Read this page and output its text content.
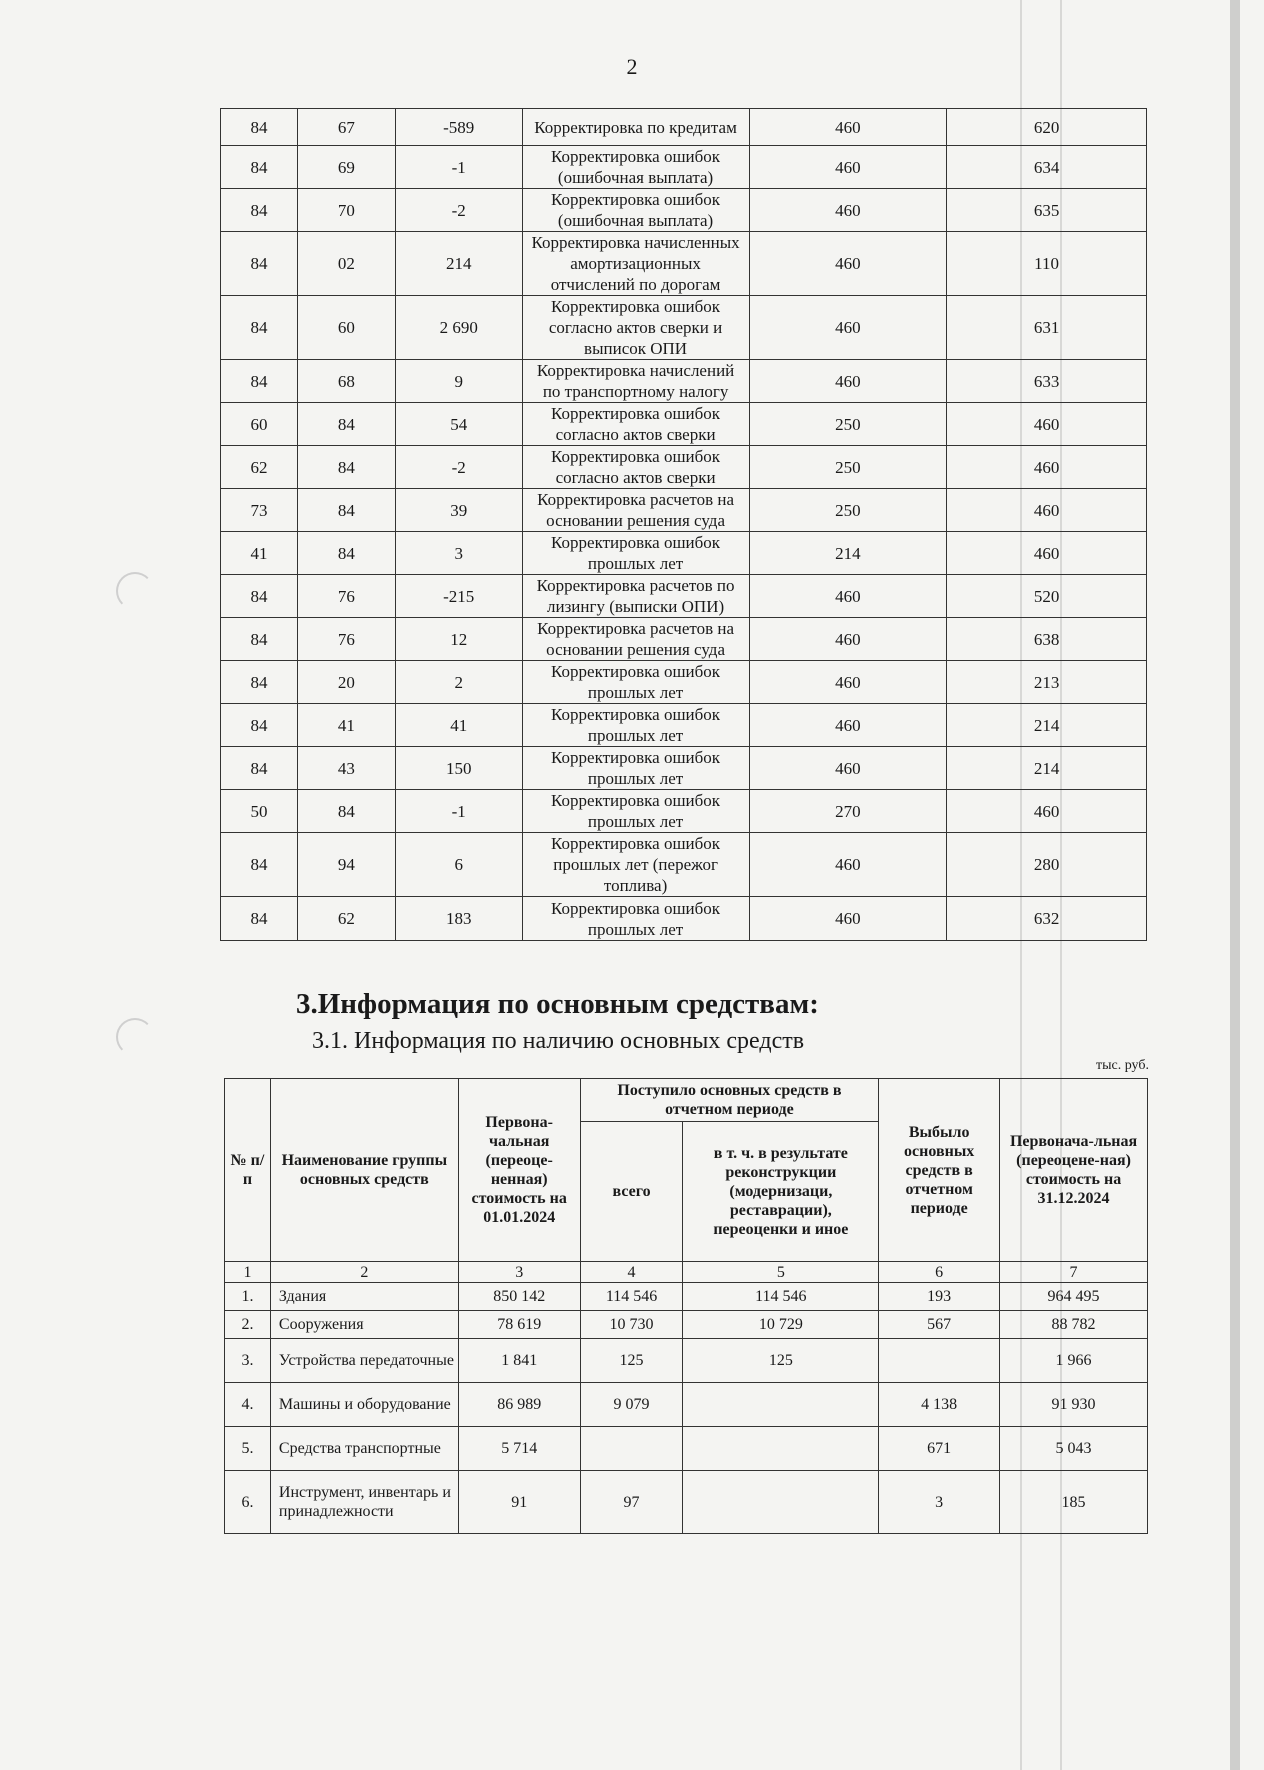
2
84	67	-589	Корректировка по кредитам	460	620
84	69	-1	Корректировка ошибок (ошибочная выплата)	460	634
84	70	-2	Корректировка ошибок (ошибочная выплата)	460	635
84	02	214	Корректировка начисленных амортизационных отчислений по дорогам	460	110
84	60	2 690	Корректировка ошибок согласно актов сверки и выписок ОПИ	460	631
84	68	9	Корректировка начислений по транспортному налогу	460	633
60	84	54	Корректировка ошибок согласно актов сверки	250	460
62	84	-2	Корректировка ошибок согласно актов сверки	250	460
73	84	39	Корректировка расчетов на основании решения суда	250	460
41	84	3	Корректировка ошибок прошлых лет	214	460
84	76	-215	Корректировка расчетов по лизингу (выписки ОПИ)	460	520
84	76	12	Корректировка расчетов на основании решения суда	460	638
84	20	2	Корректировка ошибок прошлых лет	460	213
84	41	41	Корректировка ошибок прошлых лет	460	214
84	43	150	Корректировка ошибок прошлых лет	460	214
50	84	-1	Корректировка ошибок прошлых лет	270	460
84	94	6	Корректировка ошибок прошлых лет (пережог топлива)	460	280
84	62	183	Корректировка ошибок прошлых лет	460	632
3.Информация по основным средствам:
3.1. Информация по наличию основных средств
тыс. руб.
№ п/ п	Наименование группы основных средств	Первона-чальная (переоце-ненная) стоимость на 01.01.2024	Поступило основных средств в отчетном периоде		Выбыло основных средств в отчетном периоде	Первонача-льная (переоцене-ная) стоимость на 31.12.2024
			всего	в т. ч. в результате реконструкции (модернизаци, реставрации), переоценки и иное		
1	2	3	4	5	6	7
1.	Здания	850 142	114 546	114 546	193	964 495
2.	Сооружения	78 619	10 730	10 729	567	88 782
3.	Устройства передаточные	1 841	125	125		1 966
4.	Машины и оборудование	86 989	9 079		4 138	91 930
5.	Средства транспортные	5 714			671	5 043
6.	Инструмент, инвентарь и принадлежности	91	97		3	185
